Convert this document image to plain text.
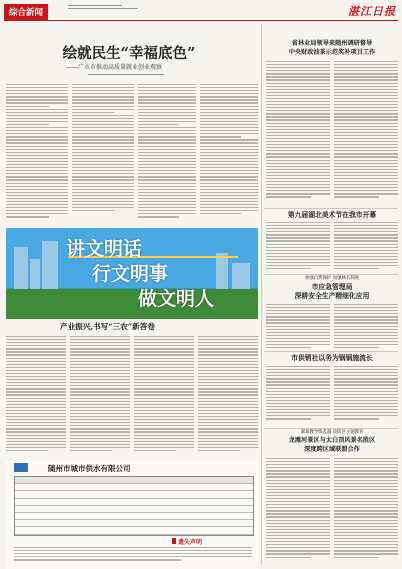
综合新闻	湛江日报
绘就民生“幸福底色”
——广水市推动高质量就业创业观察
省林业局领导来随州调研督导
中央财政油茶示范奖补项目工作
第九届湖北美术节在我市开幕
加强自然保护 加强林长制度
市应急管理局
深耕安全生产精细化应用
市供销社以务为锅锅施流长
紧靠教学练监越 攻防区主题教育
龙滩河景区与太白顶风景名胜区
深度跨区域联盟合作
讲文明话
行文明事
做文明人
产业振兴,书写“三农”新答卷
随州市城市供水有限公司
遗失声明
